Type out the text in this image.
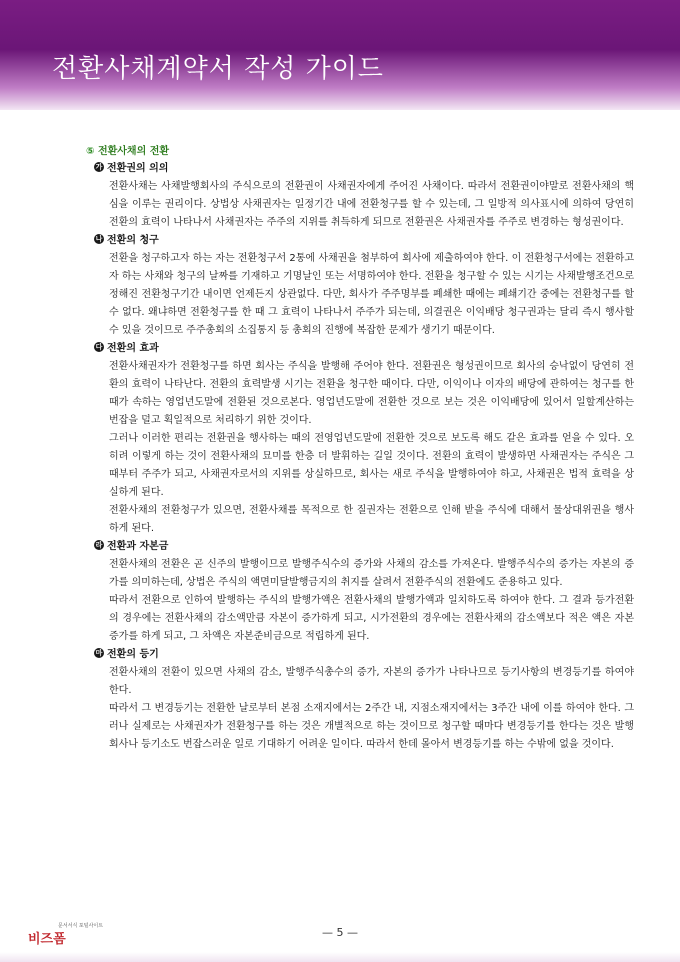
전환사채계약서 작성 가이드
⑤ 전환사채의 전환
가 전환권의 의의
전환사채는 사채발행회사의 주식으로의 전환권이 사채권자에게 주어진 사채이다. 따라서 전환권이야말로 전환사채의 핵심을 이루는 권리이다. 상법상 사채권자는 일정기간 내에 전환청구를 할 수 있는데, 그 일방적 의사표시에 의하여 당연히 전환의 효력이 나타나서 사채권자는 주주의 지위를 취득하게 되므로 전환권은 사채권자를 주주로 변경하는 형성권이다.
나 전환의 청구
전환을 청구하고자 하는 자는 전환청구서 2통에 사채권을 첨부하여 회사에 제출하여야 한다. 이 전환청구서에는 전환하고자 하는 사채와 청구의 날짜를 기재하고 기명날인 또는 서명하여야 한다. 전환을 청구할 수 있는 시기는 사채발행조건으로 정해진 전환청구기간 내이면 언제든지 상관없다. 다만, 회사가 주주명부를 폐쇄한 때에는 폐쇄기간 중에는 전환청구를 할 수 없다. 왜냐하면 전환청구를 한 때 그 효력이 나타나서 주주가 되는데, 의결권은 이익배당 청구권과는 달리 즉시 행사할 수 있을 것이므로 주주총회의 소집통지 등 총회의 진행에 복잡한 문제가 생기기 때문이다.
다 전환의 효과
전환사채권자가 전환청구를 하면 회사는 주식을 발행해 주어야 한다. 전환권은 형성권이므로 회사의 승낙없이 당연히 전환의 효력이 나타난다. 전환의 효력발생 시기는 전환을 청구한 때이다. 다만, 이익이나 이자의 배당에 관하여는 청구를 한 때가 속하는 영업년도말에 전환된 것으로본다. 영업년도말에 전환한 것으로 보는 것은 이익배당에 있어서 일할계산하는 번잡을 덜고 획일적으로 처리하기 위한 것이다.
그러나 이러한 편리는 전환권을 행사하는 때의 전영업년도말에 전환한 것으로 보도록 해도 같은 효과를 얻을 수 있다. 오히려 이렇게 하는 것이 전환사채의 묘미를 한층 더 발휘하는 길일 것이다. 전환의 효력이 발생하면 사채권자는 주식은 그 때부터 주주가 되고, 사채권자로서의 지위를 상실하므로, 회사는 새로 주식을 발행하여야 하고, 사채권은 법적 효력을 상실하게 된다.
전환사채의 전환청구가 있으면, 전환사채를 목적으로 한 질권자는 전환으로 인해 받을 주식에 대해서 물상대위권을 행사하게 된다.
라 전환과 자본금
전환사채의 전환은 곧 신주의 발행이므로 발행주식수의 증가와 사채의 감소를 가져온다. 발행주식수의 증가는 자본의 증가를 의미하는데, 상법은 주식의 액면미달발행금지의 취지를 살려서 전환주식의 전환에도 준용하고 있다.
따라서 전환으로 인하여 발행하는 주식의 발행가액은 전환사채의 발행가액과 일치하도록 하여야 한다. 그 결과 등가전환의 경우에는 전환사채의 감소액만큼 자본이 증가하게 되고, 시가전환의 경우에는 전환사채의 감소액보다 적은 액은 자본증가를 하게 되고, 그 차액은 자본준비금으로 적립하게 된다.
마 전환의 등기
전환사채의 전환이 있으면 사채의 감소, 발행주식총수의 증가, 자본의 증가가 나타나므로 등기사항의 변경등기를 하여야 한다.
따라서 그 변경등기는 전환한 날로부터 본점 소재지에서는 2주간 내, 지점소재지에서는 3주간 내에 이를 하여야 한다. 그러나 실제로는 사채권자가 전환청구를 하는 것은 개별적으로 하는 것이므로 청구할 때마다 변경등기를 한다는 것은 발행회사나 등기소도 번잡스러운 일로 기대하기 어려운 일이다. 따라서 한데 몰아서 변경등기를 하는 수밖에 없을 것이다.
문서서식 포털사이트
비즈폼	— 5 —
